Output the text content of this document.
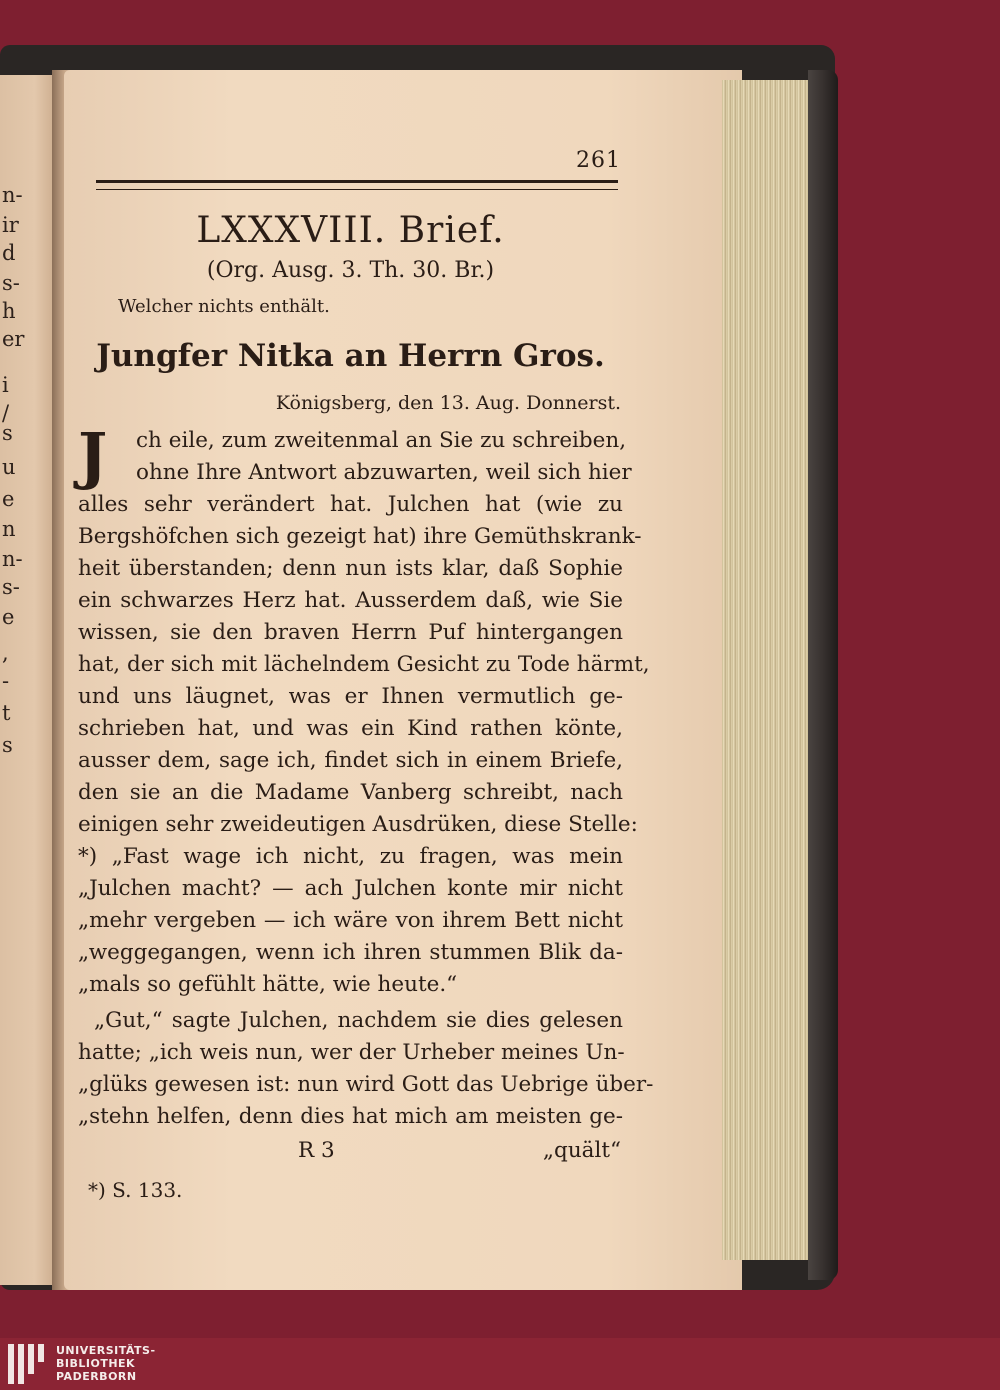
n-
ir
d
s-
h
er
i
/
s
u
e
n
n-
s-
e
,
-
t
s
261
LXXXVIII. Brief.
(Org. Ausg. 3. Th. 30. Br.)
Welcher nichts enthält.
Jungfer Nitka an Herrn Gros.
Königsberg, den 13. Aug. Donnerst.
J ch eile, zum zweitenmal an Sie zu schreiben,
ohne Ihre Antwort abzuwarten, weil sich hier
alles sehr verändert hat. Julchen hat (wie zu
Bergshöfchen sich gezeigt hat) ihre Gemüthskrank-
heit überstanden; denn nun ists klar, daß Sophie
ein schwarzes Herz hat. Ausserdem daß, wie Sie
wissen, sie den braven Herrn Puf hintergangen
hat, der sich mit lächelndem Gesicht zu Tode härmt,
und uns läugnet, was er Ihnen vermutlich ge-
schrieben hat, und was ein Kind rathen könte,
ausser dem, sage ich, findet sich in einem Briefe,
den sie an die Madame Vanberg schreibt, nach
einigen sehr zweideutigen Ausdrüken, diese Stelle:
*) „Fast wage ich nicht, zu fragen, was mein
„Julchen macht? — ach Julchen konte mir nicht
„mehr vergeben — ich wäre von ihrem Bett nicht
„weggegangen, wenn ich ihren stummen Blik da-
„mals so gefühlt hätte, wie heute.“
„Gut,“ sagte Julchen, nachdem sie dies gelesen
hatte; „ich weis nun, wer der Urheber meines Un-
„glüks gewesen ist: nun wird Gott das Uebrige über-
R 3	„quält“
*) S. 133.
„stehn helfen, denn dies hat mich am meisten ge-
UNIVERSITÄTS-
BIBLIOTHEK
PADERBORN
